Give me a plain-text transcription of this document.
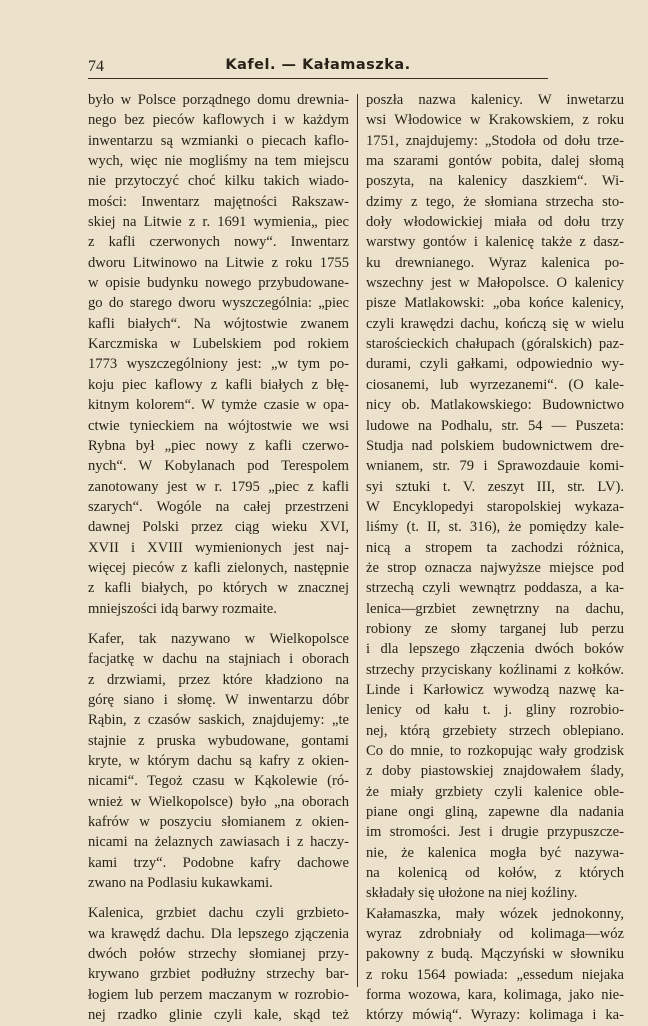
74	Kafel. — Kałamaszka.
było w Polsce porządnego domu drewnia-
nego bez pieców kaflowych i w każdym
inwentarzu są wzmianki o piecach kaflo-
wych, więc nie mogliśmy na tem miejscu
nie przytoczyć choć kilku takich wiado-
mości: Inwentarz majętności Rakszaw-
skiej na Litwie z r. 1691 wymienia„ piec
z kafli czerwonych nowy“. Inwentarz
dworu Litwinowo na Litwie z roku 1755
w opisie budynku nowego przybudowane-
go do starego dworu wyszczególnia: „piec
kafli białych“. Na wójtostwie zwanem
Karczmiska w Lubelskiem pod rokiem
1773 wyszczególniony jest: „w tym po-
koju piec kaflowy z kafli białych z błę-
kitnym kolorem“. W tymże czasie w opa-
ctwie tynieckiem na wójtostwie we wsi
Rybna był „piec nowy z kafli czerwo-
nych“. W Kobylanach pod Terespolem
zanotowany jest w r. 1795 „piec z kafli
szarych“. Wogóle na całej przestrzeni
dawnej Polski przez ciąg wieku XVI,
XVII i XVIII wymienionych jest naj-
więcej pieców z kafli zielonych, następnie
z kafli białych, po których w znacznej
mniejszości idą barwy rozmaite.
Kafer, tak nazywano w Wielkopolsce
facjatkę w dachu na stajniach i oborach
z drzwiami, przez które kładziono na
górę siano i słomę. W inwentarzu dóbr
Rąbin, z czasów saskich, znajdujemy: „te
stajnie z pruska wybudowane, gontami
kryte, w którym dachu są kafry z okien-
nicami“. Tegoż czasu w Kąkolewie (ró-
wnież w Wielkopolsce) było „na oborach
kafrów w poszyciu słomianem z okien-
nicami na żelaznych zawiasach i z haczy-
kami trzy“. Podobne kafry dachowe
zwano na Podlasiu kukawkami.
Kalenica, grzbiet dachu czyli grzbieto-
wa krawędź dachu. Dla lepszego zjączenia
dwóch połów strzechy słomianej przy-
krywano grzbiet podłużny strzechy bar-
łogiem lub perzem maczanym w rozrobio-
nej rzadko glinie czyli kale, skąd też
poszła nazwa kalenicy. W inwetarzu
wsi Włodowice w Krakowskiem, z roku
1751, znajdujemy: „Stodoła od dołu trze-
ma szarami gontów pobita, dalej słomą
poszyta, na kalenicy daszkiem“. Wi-
dzimy z tego, że słomiana strzecha sto-
doły włodowickiej miała od dołu trzy
warstwy gontów i kalenicę także z dasz-
ku drewnianego. Wyraz kalenica po-
wszechny jest w Małopolsce. O kalenicy
pisze Matlakowski: „oba końce kalenicy,
czyli krawędzi dachu, kończą się w wielu
starościeckich chałupach (góralskich) paz-
durami, czyli gałkami, odpowiednio wy-
ciosanemi, lub wyrzezanemi“. (O kale-
nicy ob. Matlakowskiego: Budownictwo
ludowe na Podhalu, str. 54 — Puszeta:
Studja nad polskiem budownictwem dre-
wnianem, str. 79 i Sprawozdauie komi-
syi sztuki t. V. zeszyt III, str. LV).
W Encyklopedyi staropolskiej wykaza-
liśmy (t. II, st. 316), że pomiędzy kale-
nicą a stropem ta zachodzi różnica,
że strop oznacza najwyższe miejsce pod
strzechą czyli wewnątrz poddasza, a ka-
lenica—grzbiet zewnętrzny na dachu,
robiony ze słomy targanej lub perzu
i dla lepszego złączenia dwóch boków
strzechy przyciskany koźlinami z kołków.
Linde i Karłowicz wywodzą nazwę ka-
lenicy od kału t. j. gliny rozrobio-
nej, którą grzebiety strzech oblepiano.
Co do mnie, to rozkopując wały grodzisk
z doby piastowskiej znajdowałem ślady,
że miały grzbiety czyli kalenice oble-
piane ongi gliną, zapewne dla nadania
im stromości. Jest i drugie przypuszcze-
nie, że kalenica mogła być nazywa-
na kolenicą od kołów, z których
składały się ułożone na niej koźliny.
Kałamaszka, mały wózek jednokonny,
wyraz zdrobniały od kolimaga—wóz
pakowny z budą. Mączyński w słowniku
z roku 1564 powiada: „essedum niejaka
forma wozowa, kara, kolimaga, jako nie-
którzy mówią“. Wyrazy: kolimaga i ka-
